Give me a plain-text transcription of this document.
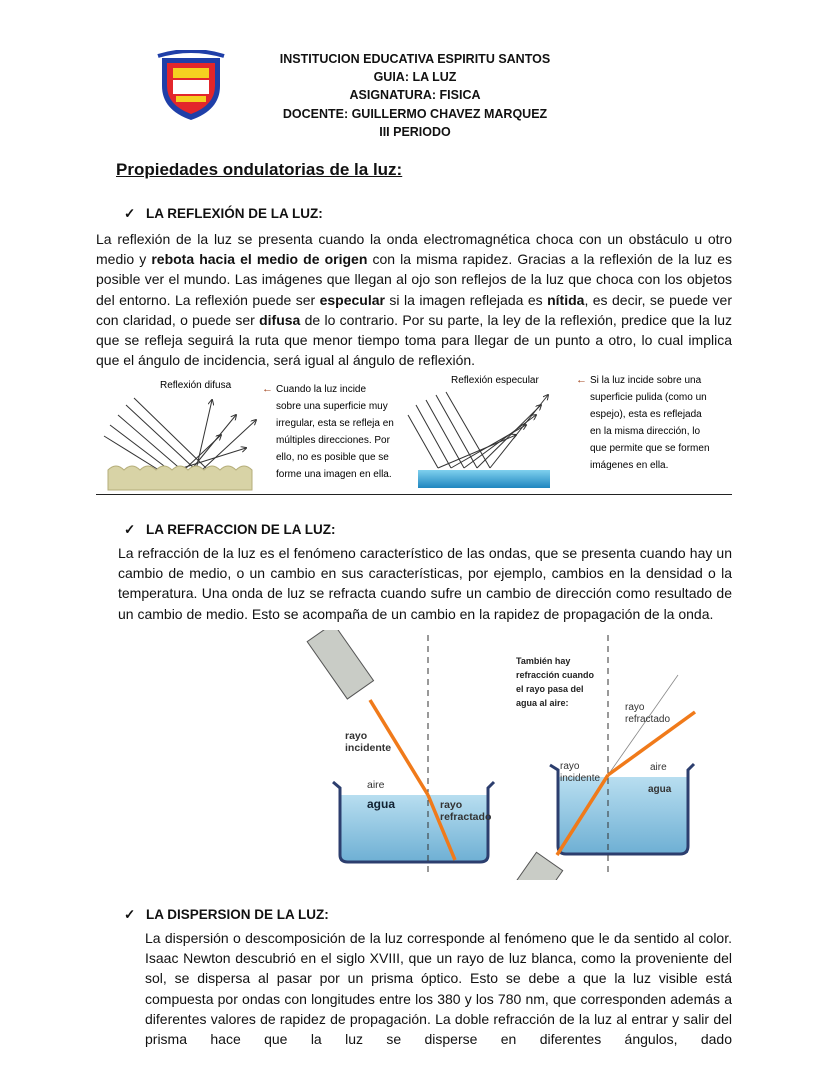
INSTITUCION EDUCATIVA ESPIRITU SANTOS
GUIA: LA LUZ
ASIGNATURA: FISICA
DOCENTE: GUILLERMO CHAVEZ MARQUEZ
III PERIODO
Propiedades ondulatorias de la luz:
✓ LA REFLEXIÓN DE LA LUZ:
La reflexión de la luz se presenta cuando la onda electromagnética choca con un obstáculo u otro medio y rebota hacia el medio de origen con la misma rapidez. Gracias a la reflexión de la luz es posible ver el mundo. Las imágenes que llegan al ojo son reflejos de la luz que choca con los objetos del entorno. La reflexión puede ser especular si la imagen reflejada es nítida, es decir, se puede ver con claridad, o puede ser difusa de lo contrario. Por su parte, la ley de la reflexión, predice que la luz que se refleja seguirá la ruta que menor tiempo toma para llegar de un punto a otro, lo cual implica que el ángulo de incidencia, será igual al ángulo de reflexión.
Reflexión difusa	← Cuando la luz incide
sobre una superficie muy
irregular, esta se refleja en
múltiples direcciones. Por
ello, no es posible que se
forme una imagen en ella.
Reflexión especular	← Si la luz incide sobre una
superficie pulida (como un
espejo), esta es reflejada
en la misma dirección, lo
que permite que se formen
imágenes en ella.
✓ LA REFRACCION DE LA LUZ:
La refracción de la luz es el fenómeno característico de las ondas, que se presenta cuando hay un cambio de medio, o un cambio en sus características, por ejemplo, cambios en la densidad o la temperatura. Una onda de luz se refracta cuando sufre un cambio de dirección como resultado de un cambio de medio. Esto se acompaña de un cambio en la rapidez de propagación de la onda.
rayo
incidente
aire
agua	rayo
refractado
También hay
refracción cuando
el rayo pasa del
agua al aire:	rayo
refractado
rayo
incidente
aire
agua
✓ LA DISPERSION DE LA LUZ:
La dispersión o descomposición de la luz corresponde al fenómeno que le da sentido al color. Isaac Newton descubrió en el siglo XVIII, que un rayo de luz blanca, como la proveniente del sol, se dispersa al pasar por un prisma óptico. Esto se debe a que la luz visible está compuesta por ondas con longitudes entre los 380 y los 780 nm, que corresponden además a diferentes valores de rapidez de propagación. La doble refracción de la luz al entrar y salir del prisma hace que la luz se disperse en diferentes ángulos, dado
